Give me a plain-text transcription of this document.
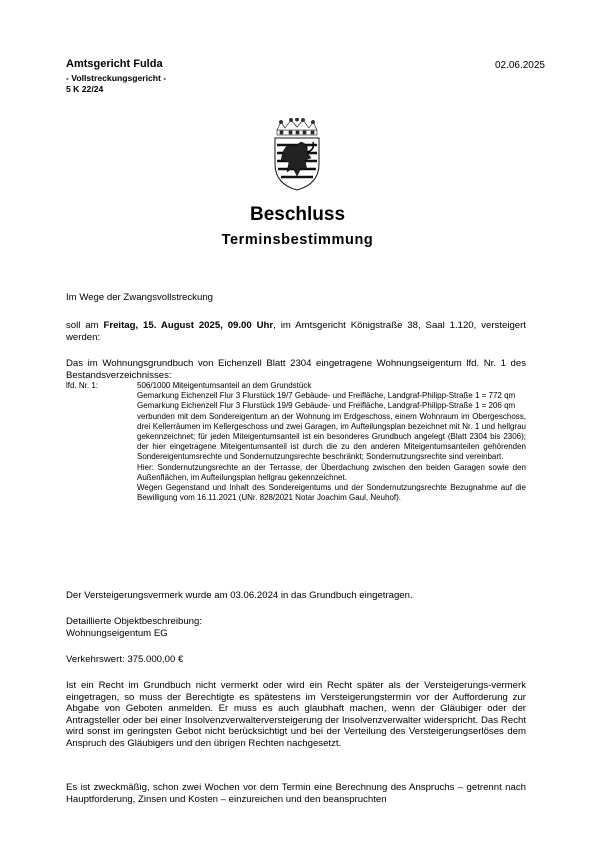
Amtsgericht Fulda
- Vollstreckungsgericht -
5 K 22/24
02.06.2025
Beschluss
Terminsbestimmung
Im Wege der Zwangsvollstreckung
soll am Freitag, 15. August 2025, 09.00 Uhr, im Amtsgericht Königstraße 38, Saal 1.120, versteigert werden:
Das im Wohnungsgrundbuch von Eichenzell Blatt 2304 eingetragene Wohnungseigentum lfd. Nr. 1 des Bestandsverzeichnisses:
lfd. Nr. 1:	506/1000 Miteigentumsanteil an dem Grundstück

Gemarkung Eichenzell Flur 3 Flurstück 19/7 Gebäude- und Freifläche, Landgraf-Philipp-Straße 1 = 772 qm

Gemarkung Eichenzell Flur 3 Flurstück 19/9 Gebäude- und Freifläche, Landgraf-Philipp-Straße 1 = 206 qm

verbunden mit dem Sondereigentum an der Wohnung im Erdgeschoss, einem Wohnraum im Obergeschoss, drei Kellerräumen im Kellergeschoss und zwei Garagen, im Aufteilungsplan bezeichnet mit Nr. 1 und hellgrau gekennzeichnet; für jeden Miteigentumsanteil ist ein besonderes Grundbuch angelegt (Blatt 2304 bis 2306); der hier eingetragene Miteigentumsanteil ist durch die zu den anderen Miteigentumsanteilen gehörenden Sondereigentumsrechte und Sondernutzungsrechte beschränkt; Sondernutzungsrechte sind vereinbart.

Hier: Sondernutzungsrechte an der Terrasse, der Überdachung zwischen den beiden Garagen sowie den Außenflächen, im Aufteilungsplan hellgrau gekennzeichnet.

Wegen Gegenstand und Inhalt des Sondereigentums und der Sondernutzungsrechte Bezugnahme auf die Bewilligung vom 16.11.2021 (UNr. 828/2021 Notar Joachim Gaul, Neuhof).

Der Versteigerungsvermerk wurde am 03.06.2024 in das Grundbuch eingetragen.
Detaillierte Objektbeschreibung:
Wohnungseigentum EG
Verkehrswert: 375.000,00 €
Ist ein Recht im Grundbuch nicht vermerkt oder wird ein Recht später als der Versteigerungs-vermerk eingetragen, so muss der Berechtigte es spätestens im Versteigerungstermin vor der Aufforderung zur Abgabe von Geboten anmelden. Er muss es auch glaubhaft machen, wenn der Gläubiger oder der Antragsteller oder bei einer Insolvenzverwalterversteigerung der Insolvenzverwalter widerspricht. Das Recht wird sonst im geringsten Gebot nicht berücksichtigt und bei der Verteilung des Versteigerungserlöses dem Anspruch des Gläubigers und den übrigen Rechten nachgesetzt.
Es ist zweckmäßig, schon zwei Wochen vor dem Termin eine Berechnung des Anspruchs – getrennt nach Hauptforderung, Zinsen und Kosten – einzureichen und den beanspruchten
